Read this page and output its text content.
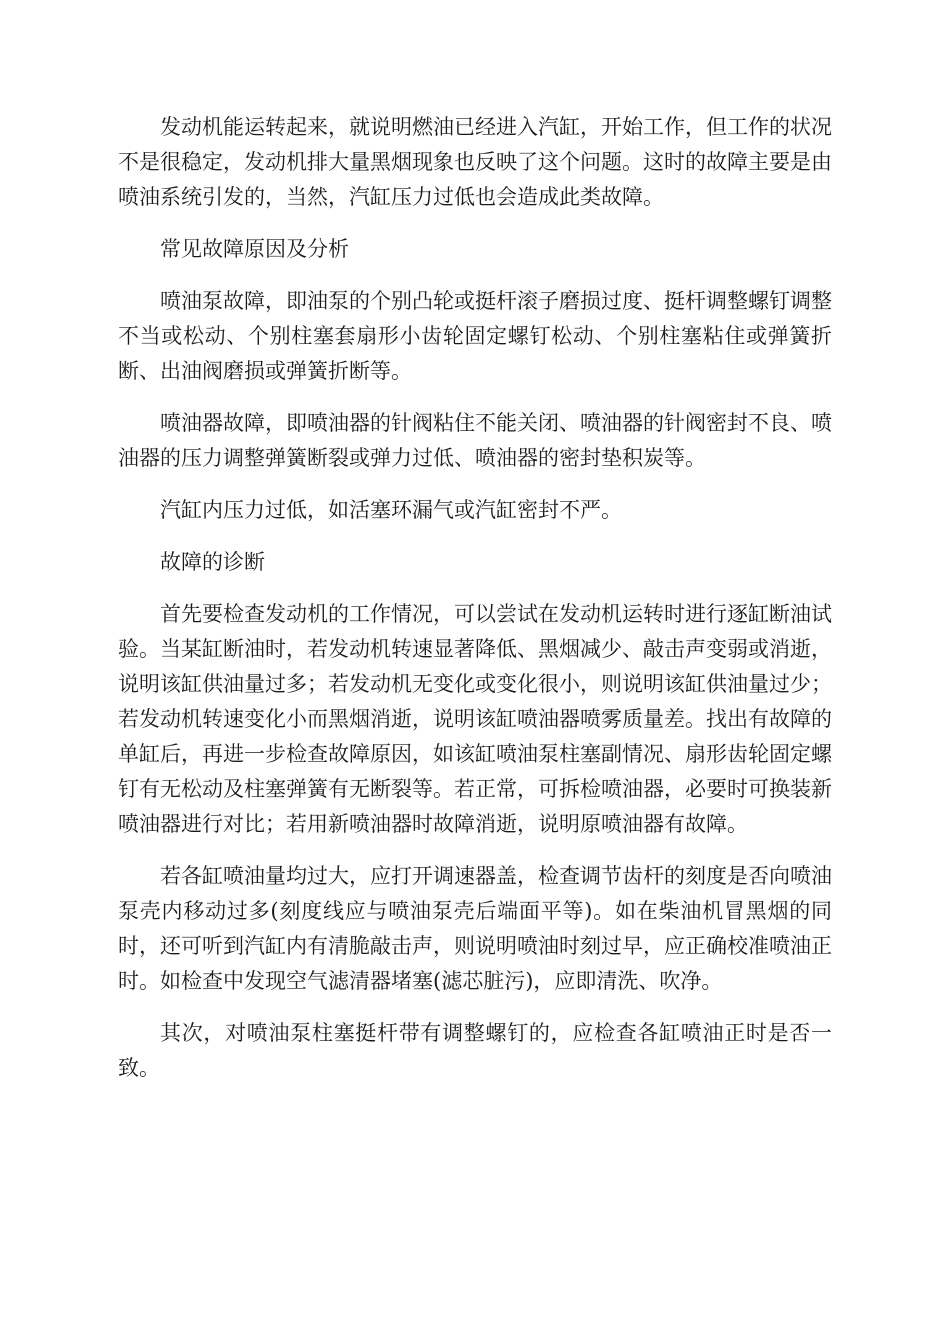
发动机能运转起来，就说明燃油已经进入汽缸，开始工作，但工作的状况不是很稳定，发动机排大量黑烟现象也反映了这个问题。这时的故障主要是由喷油系统引发的，当然，汽缸压力过低也会造成此类故障。

常见故障原因及分析

喷油泵故障，即油泵的个别凸轮或挺杆滚子磨损过度、挺杆调整螺钉调整不当或松动、个别柱塞套扇形小齿轮固定螺钉松动、个别柱塞粘住或弹簧折断、出油阀磨损或弹簧折断等。

喷油器故障，即喷油器的针阀粘住不能关闭、喷油器的针阀密封不良、喷油器的压力调整弹簧断裂或弹力过低、喷油器的密封垫积炭等。

汽缸内压力过低，如活塞环漏气或汽缸密封不严。

故障的诊断

首先要检查发动机的工作情况，可以尝试在发动机运转时进行逐缸断油试验。当某缸断油时，若发动机转速显著降低、黑烟减少、敲击声变弱或消逝，说明该缸供油量过多；若发动机无变化或变化很小，则说明该缸供油量过少；若发动机转速变化小而黑烟消逝，说明该缸喷油器喷雾质量差。找出有故障的单缸后，再进一步检查故障原因，如该缸喷油泵柱塞副情况、扇形齿轮固定螺钉有无松动及柱塞弹簧有无断裂等。若正常，可拆检喷油器，必要时可换装新喷油器进行对比；若用新喷油器时故障消逝，说明原喷油器有故障。

若各缸喷油量均过大，应打开调速器盖，检查调节齿杆的刻度是否向喷油泵壳内移动过多(刻度线应与喷油泵壳后端面平等)。如在柴油机冒黑烟的同时，还可听到汽缸内有清脆敲击声，则说明喷油时刻过早，应正确校准喷油正时。如检查中发现空气滤清器堵塞(滤芯脏污)，应即清洗、吹净。

其次，对喷油泵柱塞挺杆带有调整螺钉的，应检查各缸喷油正时是否一致。
